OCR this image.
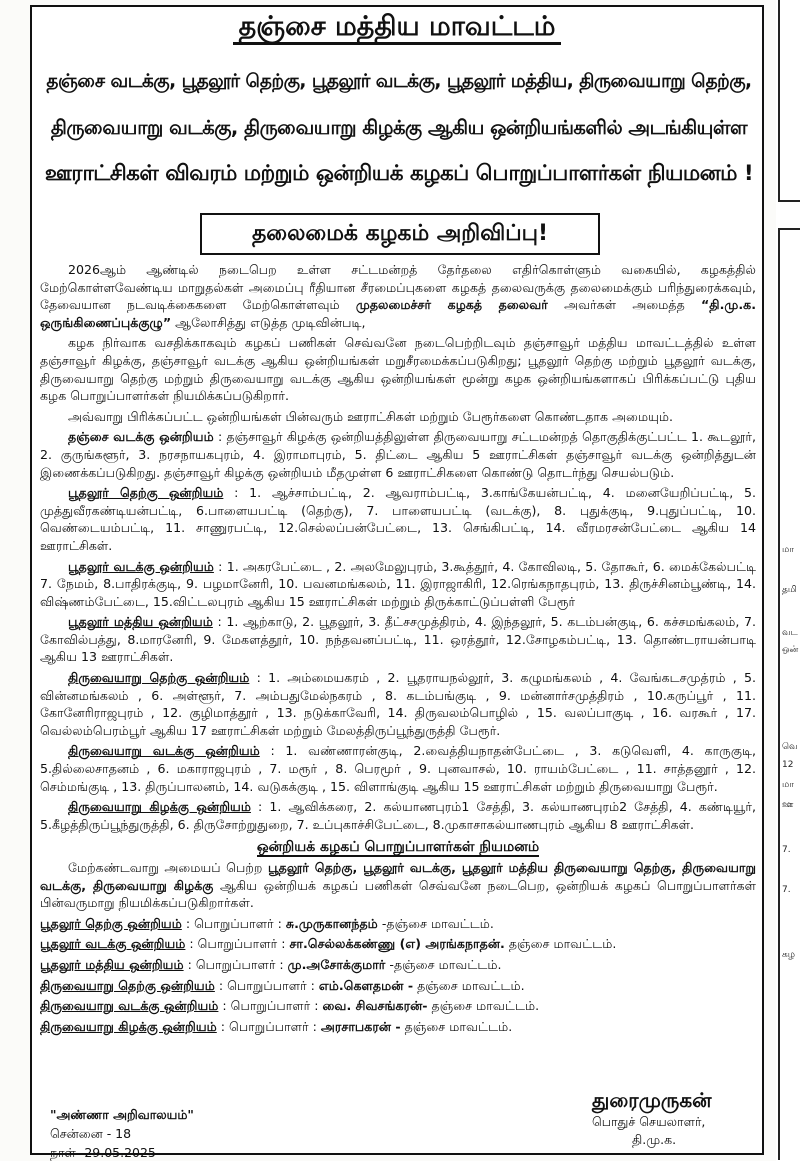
தஞ்சை மத்திய மாவட்டம்
தஞ்சை வடக்கு, பூதலூர் தெற்கு, பூதலூர் வடக்கு, பூதலூர் மத்திய, திருவையாறு தெற்கு,
திருவையாறு வடக்கு, திருவையாறு கிழக்கு ஆகிய ஒன்றியங்களில் அடங்கியுள்ள
ஊராட்சிகள் விவரம் மற்றும் ஒன்றியக் கழகப் பொறுப்பாளர்கள் நியமனம் !
தலைமைக் கழகம் அறிவிப்பு!

2026ஆம் ஆண்டில் நடைபெற உள்ள சட்டமன்றத் தேர்தலை எதிர்கொள்ளும் வகையில், கழகத்தில் மேற்கொள்ளவேண்டிய மாறுதல்கள் அமைப்பு ரீதியான சீரமைப்புகளை கழகத் தலைவருக்கு தலைமைக்கும் பரிந்துரைக்கவும், தேவையான நடவடிக்கைகளை மேற்கொள்ளவும் முதலமைச்சர் கழகத் தலைவர் அவர்கள் அமைத்த “தி.மு.க. ஒருங்கிணைப்புக்குழு” ஆலோசித்து எடுத்த முடிவின்படி,

கழக நிர்வாக வசதிக்காகவும் கழகப் பணிகள் செவ்வனே நடைபெற்றிடவும் தஞ்சாவூர் மத்திய மாவட்டத்தில் உள்ள தஞ்சாவூர் கிழக்கு, தஞ்சாவூர் வடக்கு ஆகிய ஒன்றியங்கள் மறுசீரமைக்கப்படுகிறது; பூதலூர் தெற்கு மற்றும் பூதலூர் வடக்கு, திருவையாறு தெற்கு மற்றும் திருவையாறு வடக்கு ஆகிய ஒன்றியங்கள் மூன்று கழக ஒன்றியங்களாகப் பிரிக்கப்பட்டு புதிய கழக பொறுப்பாளர்கள் நியமிக்கப்படுகிறார்.

அவ்வாறு பிரிக்கப்பட்ட ஒன்றியங்கள் பின்வரும் ஊராட்சிகள் மற்றும் பேரூர்களை கொண்டதாக அமையும்.

தஞ்சை வடக்கு ஒன்றியம் : தஞ்சாவூர் கிழக்கு ஒன்றியத்திலுள்ள திருவையாறு சட்டமன்றத் தொகுதிக்குட்பட்ட 1. கூடலூர், 2. குருங்களூர், 3. நரசநாயகபுரம், 4. இராமாபுரம், 5. திட்டை ஆகிய 5 ஊராட்சிகள் தஞ்சாவூர் வடக்கு ஒன்றித்துடன் இணைக்கப்படுகிறது. தஞ்சாவூர் கிழக்கு ஒன்றியம் மீதமுள்ள 6 ஊராட்சிகளை கொண்டு தொடர்ந்து செயல்படும்.

பூதலூர் தெற்கு ஒன்றியம் : 1. ஆச்சாம்பட்டி, 2. ஆவராம்பட்டி, 3.காங்கேயன்பட்டி, 4. மனையேறிப்பட்டி, 5. முத்துவீரகண்டியன்பட்டி, 6.பாளையபட்டி (தெற்கு), 7. பாளையபட்டி (வடக்கு), 8. புதுக்குடி, 9.புதுப்பட்டி, 10. வெண்டையம்பட்டி, 11. சாணுரபட்டி, 12.செல்லப்பன்பேட்டை, 13. செங்கிபட்டி, 14. வீரமரசன்பேட்டை ஆகிய 14 ஊராட்சிகள்.

பூதலூர் வடக்கு ஒன்றியம் : 1. அகரபேட்டை , 2. அலமேலுபுரம், 3.கூத்தூர், 4. கோவிலடி, 5. தோகூர், 6. மைக்கேல்பட்டி 7. நேமம், 8.பாதிரக்குடி, 9. பழமானேரி, 10. பவனமங்கலம், 11. இராஜாகிரி, 12.ரெங்கநாதபுரம், 13. திருச்சினம்பூண்டி, 14. விஷ்ணம்பேட்டை, 15.விட்டலபுரம் ஆகிய 15 ஊராட்சிகள் மற்றும் திருக்காட்டுப்பள்ளி பேரூர்

பூதலூர் மத்திய ஒன்றியம் : 1. ஆற்காடு, 2. பூதலூர், 3. தீட்சசமுத்திரம், 4. இந்தலூர், 5. கடம்பன்குடி, 6. கச்சமங்கலம், 7. கோவில்பத்து, 8.மாரனேரி, 9. மேகளத்தூர், 10. நந்தவனப்பட்டி, 11. ஒரத்தூர், 12.சோழகம்பட்டி, 13. தொண்டராயன்பாடி ஆகிய 13 ஊராட்சிகள்.

திருவையாறு தெற்கு ஒன்றியம் : 1. அம்மையகரம் , 2. பூதராயநல்லூர், 3. கழுமங்கலம் , 4. வேங்கடசமுத்ரம் , 5. வின்னமங்கலம் , 6. அள்ளூர், 7. அம்பதுமேல்நகரம் , 8. கடம்பங்குடி , 9. மன்னார்சமுத்திரம் , 10.கருப்பூர் , 11. கோனேரிராஜபுரம் , 12. குழிமாத்தூர் , 13. நடுக்காவேரி, 14. திருவலம்பொழில் , 15. வலப்பாகுடி , 16. வரகூர் , 17. வெல்லம்பெரம்பூர் ஆகிய 17 ஊராட்சிகள் மற்றும் மேலத்திருப்பூந்துருத்தி பேரூர்.

திருவையாறு வடக்கு ஒன்றியம் : 1. வண்ணாரன்குடி, 2.வைத்தியநாதன்பேட்டை , 3. கடுவெளி, 4. காருகுடி, 5.தில்லைசாதனம் , 6. மகாராஜபுரம் , 7. மரூர் , 8. பெரமூர் , 9. புனவாசல், 10. ராயம்பேட்டை , 11. சாத்தனூர் , 12. செம்மங்குடி , 13. திருப்பாலனம், 14. வடுகக்குடி , 15. விளாங்குடி ஆகிய 15 ஊராட்சிகள் மற்றும் திருவையாறு பேரூர்.

திருவையாறு கிழக்கு ஒன்றியம் : 1. ஆவிக்கரை, 2. கல்யாணபுரம்1 சேத்தி, 3. கல்யாணபுரம்2 சேத்தி, 4. கண்டியூர், 5.கீழத்திருப்பூந்துருத்தி, 6. திருசோற்றுதுறை, 7. உப்புகாச்சிபேட்டை, 8.முகாசாகல்யாணபுரம் ஆகிய 8 ஊராட்சிகள்.

ஒன்றியக் கழகப் பொறுப்பாளர்கள் நியமனம்

மேற்கண்டவாறு அமையப் பெற்ற பூதலூர் தெற்கு, பூதலூர் வடக்கு, பூதலூர் மத்திய திருவையாறு தெற்கு, திருவையாறு வடக்கு, திருவையாறு கிழக்கு ஆகிய ஒன்றியக் கழகப் பணிகள் செவ்வனே நடைபெற, ஒன்றியக் கழகப் பொறுப்பாளர்கள் பின்வருமாறு நியமிக்கப்படுகிறார்கள்.

பூதலூர் தெற்கு ஒன்றியம் : பொறுப்பாளர் : சு.முருகானந்தம் -தஞ்சை மாவட்டம்.

பூதலூர் வடக்கு ஒன்றியம் : பொறுப்பாளர் : சா.செல்லக்கண்ணு (எ) அரங்கநாதன். தஞ்சை மாவட்டம்.

பூதலூர் மத்திய ஒன்றியம் : பொறுப்பாளர் : மு.அசோக்குமார் -தஞ்சை மாவட்டம்.

திருவையாறு தெற்கு ஒன்றியம் : பொறுப்பாளர் : எம்.கௌதமன் - தஞ்சை மாவட்டம்.

திருவையாறு வடக்கு ஒன்றியம் : பொறுப்பாளர் : வை. சிவசங்கரன்- தஞ்சை மாவட்டம்.

திருவையாறு கிழக்கு ஒன்றியம் : பொறுப்பாளர் : அரசாபகரன் - தஞ்சை மாவட்டம்.

"அண்ணா அறிவாலயம்"
சென்னை - 18
நாள்- 29.05.2025
துரைமுருகன்
பொதுச் செயலாளர்,
தி.மு.க.
மா
தமி
வட
ஒன்
வெ
12
மா
ஊ
7.
7.
கழ
